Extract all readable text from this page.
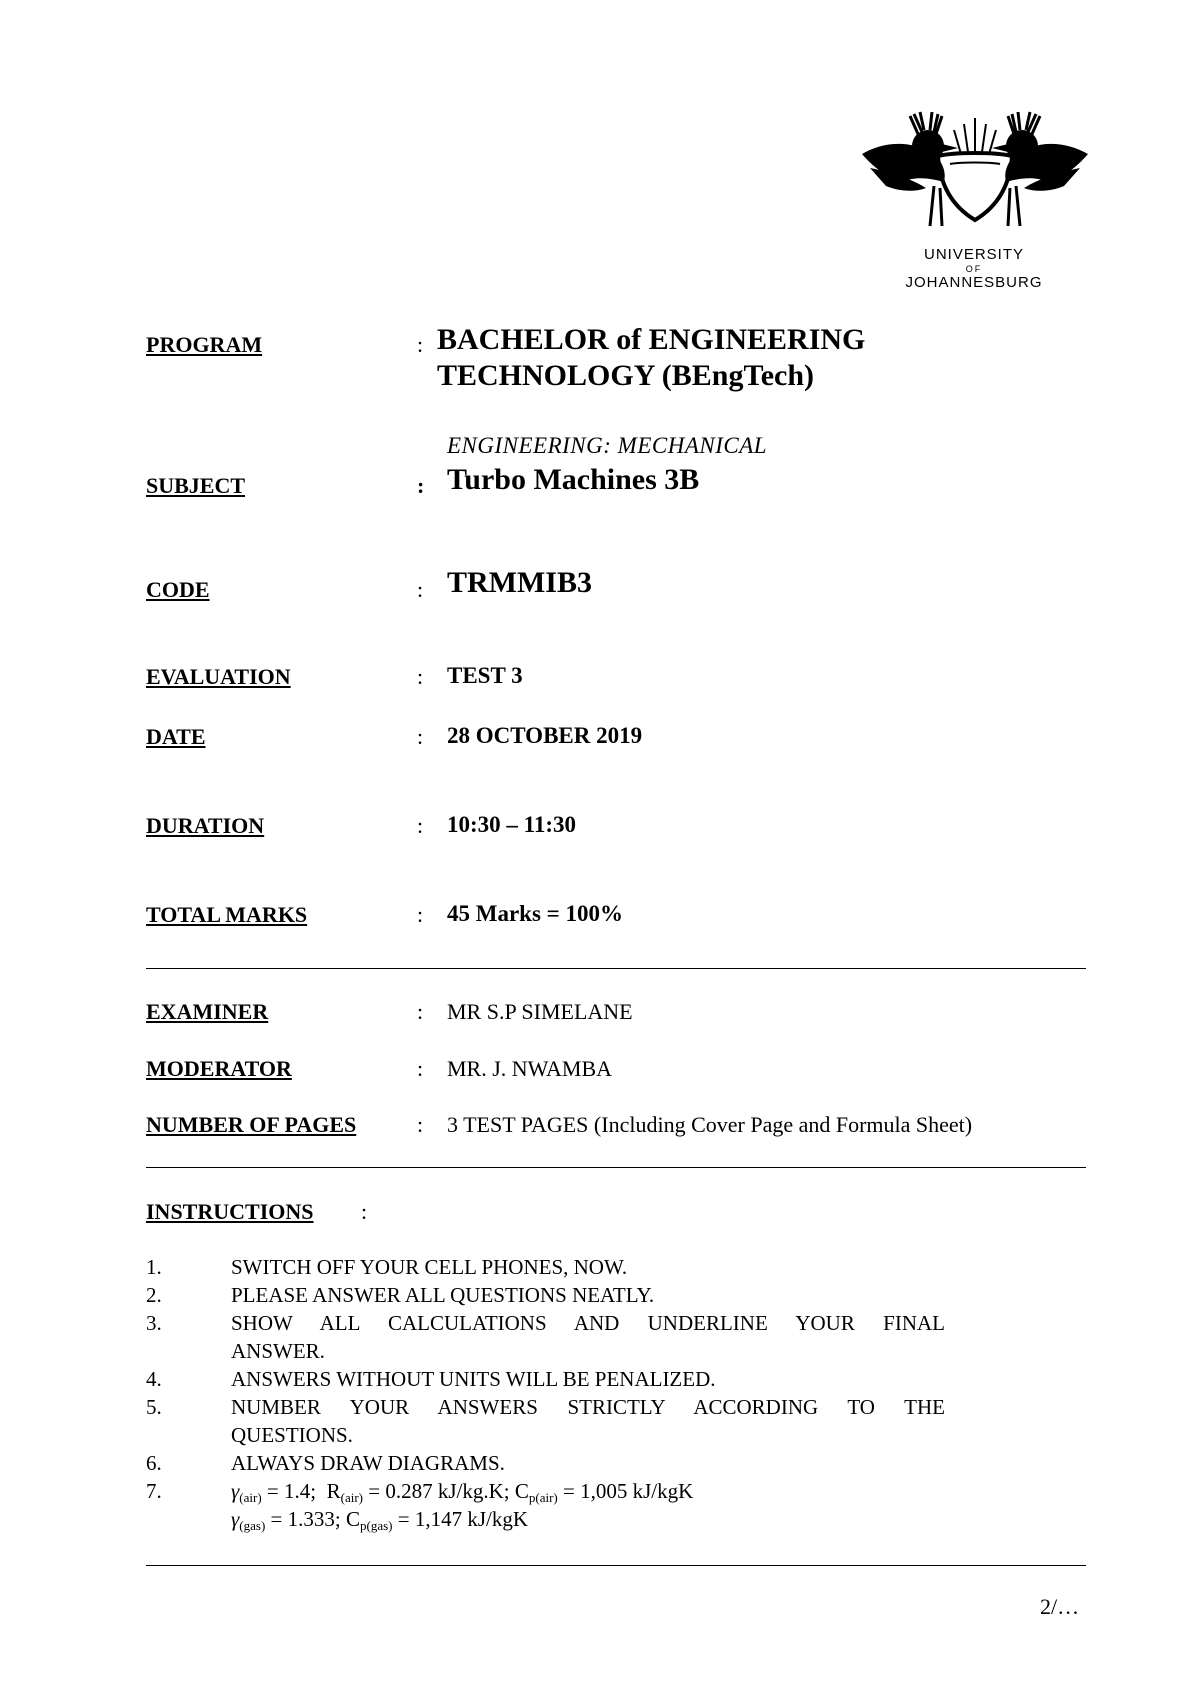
UNIVERSITY
OF
JOHANNESBURG
PROGRAM	: BACHELOR of ENGINEERING
TECHNOLOGY (BEngTech)
ENGINEERING: MECHANICAL
SUBJECT	: Turbo Machines 3B
CODE	: TRMMIB3
EVALUATION	: TEST 3
DATE	: 28 OCTOBER 2019
DURATION	: 10:30 – 11:30
TOTAL MARKS	: 45 Marks = 100%
EXAMINER	: MR S.P SIMELANE
MODERATOR	: MR. J. NWAMBA
NUMBER OF PAGES	: 3 TEST PAGES (Including Cover Page and Formula Sheet)
INSTRUCTIONS :
1.	SWITCH OFF YOUR CELL PHONES, NOW.
2.	PLEASE ANSWER ALL QUESTIONS NEATLY.
3.	SHOW ALL CALCULATIONS AND UNDERLINE YOUR FINAL
ANSWER.
4.	ANSWERS WITHOUT UNITS WILL BE PENALIZED.
5.	NUMBER YOUR ANSWERS STRICTLY ACCORDING TO THE
QUESTIONS.
6.	ALWAYS DRAW DIAGRAMS.
7.	$\gamma_{(air)} = 1.4$; $R_{(air)} = 0.287$ kJ/kg.K; $C_{p(air)} = 1,005$ kJ/kgK
$\gamma_{(gas)} = 1.333$; $C_{p(gas)} = 1,147$ kJ/kgK
2/…
